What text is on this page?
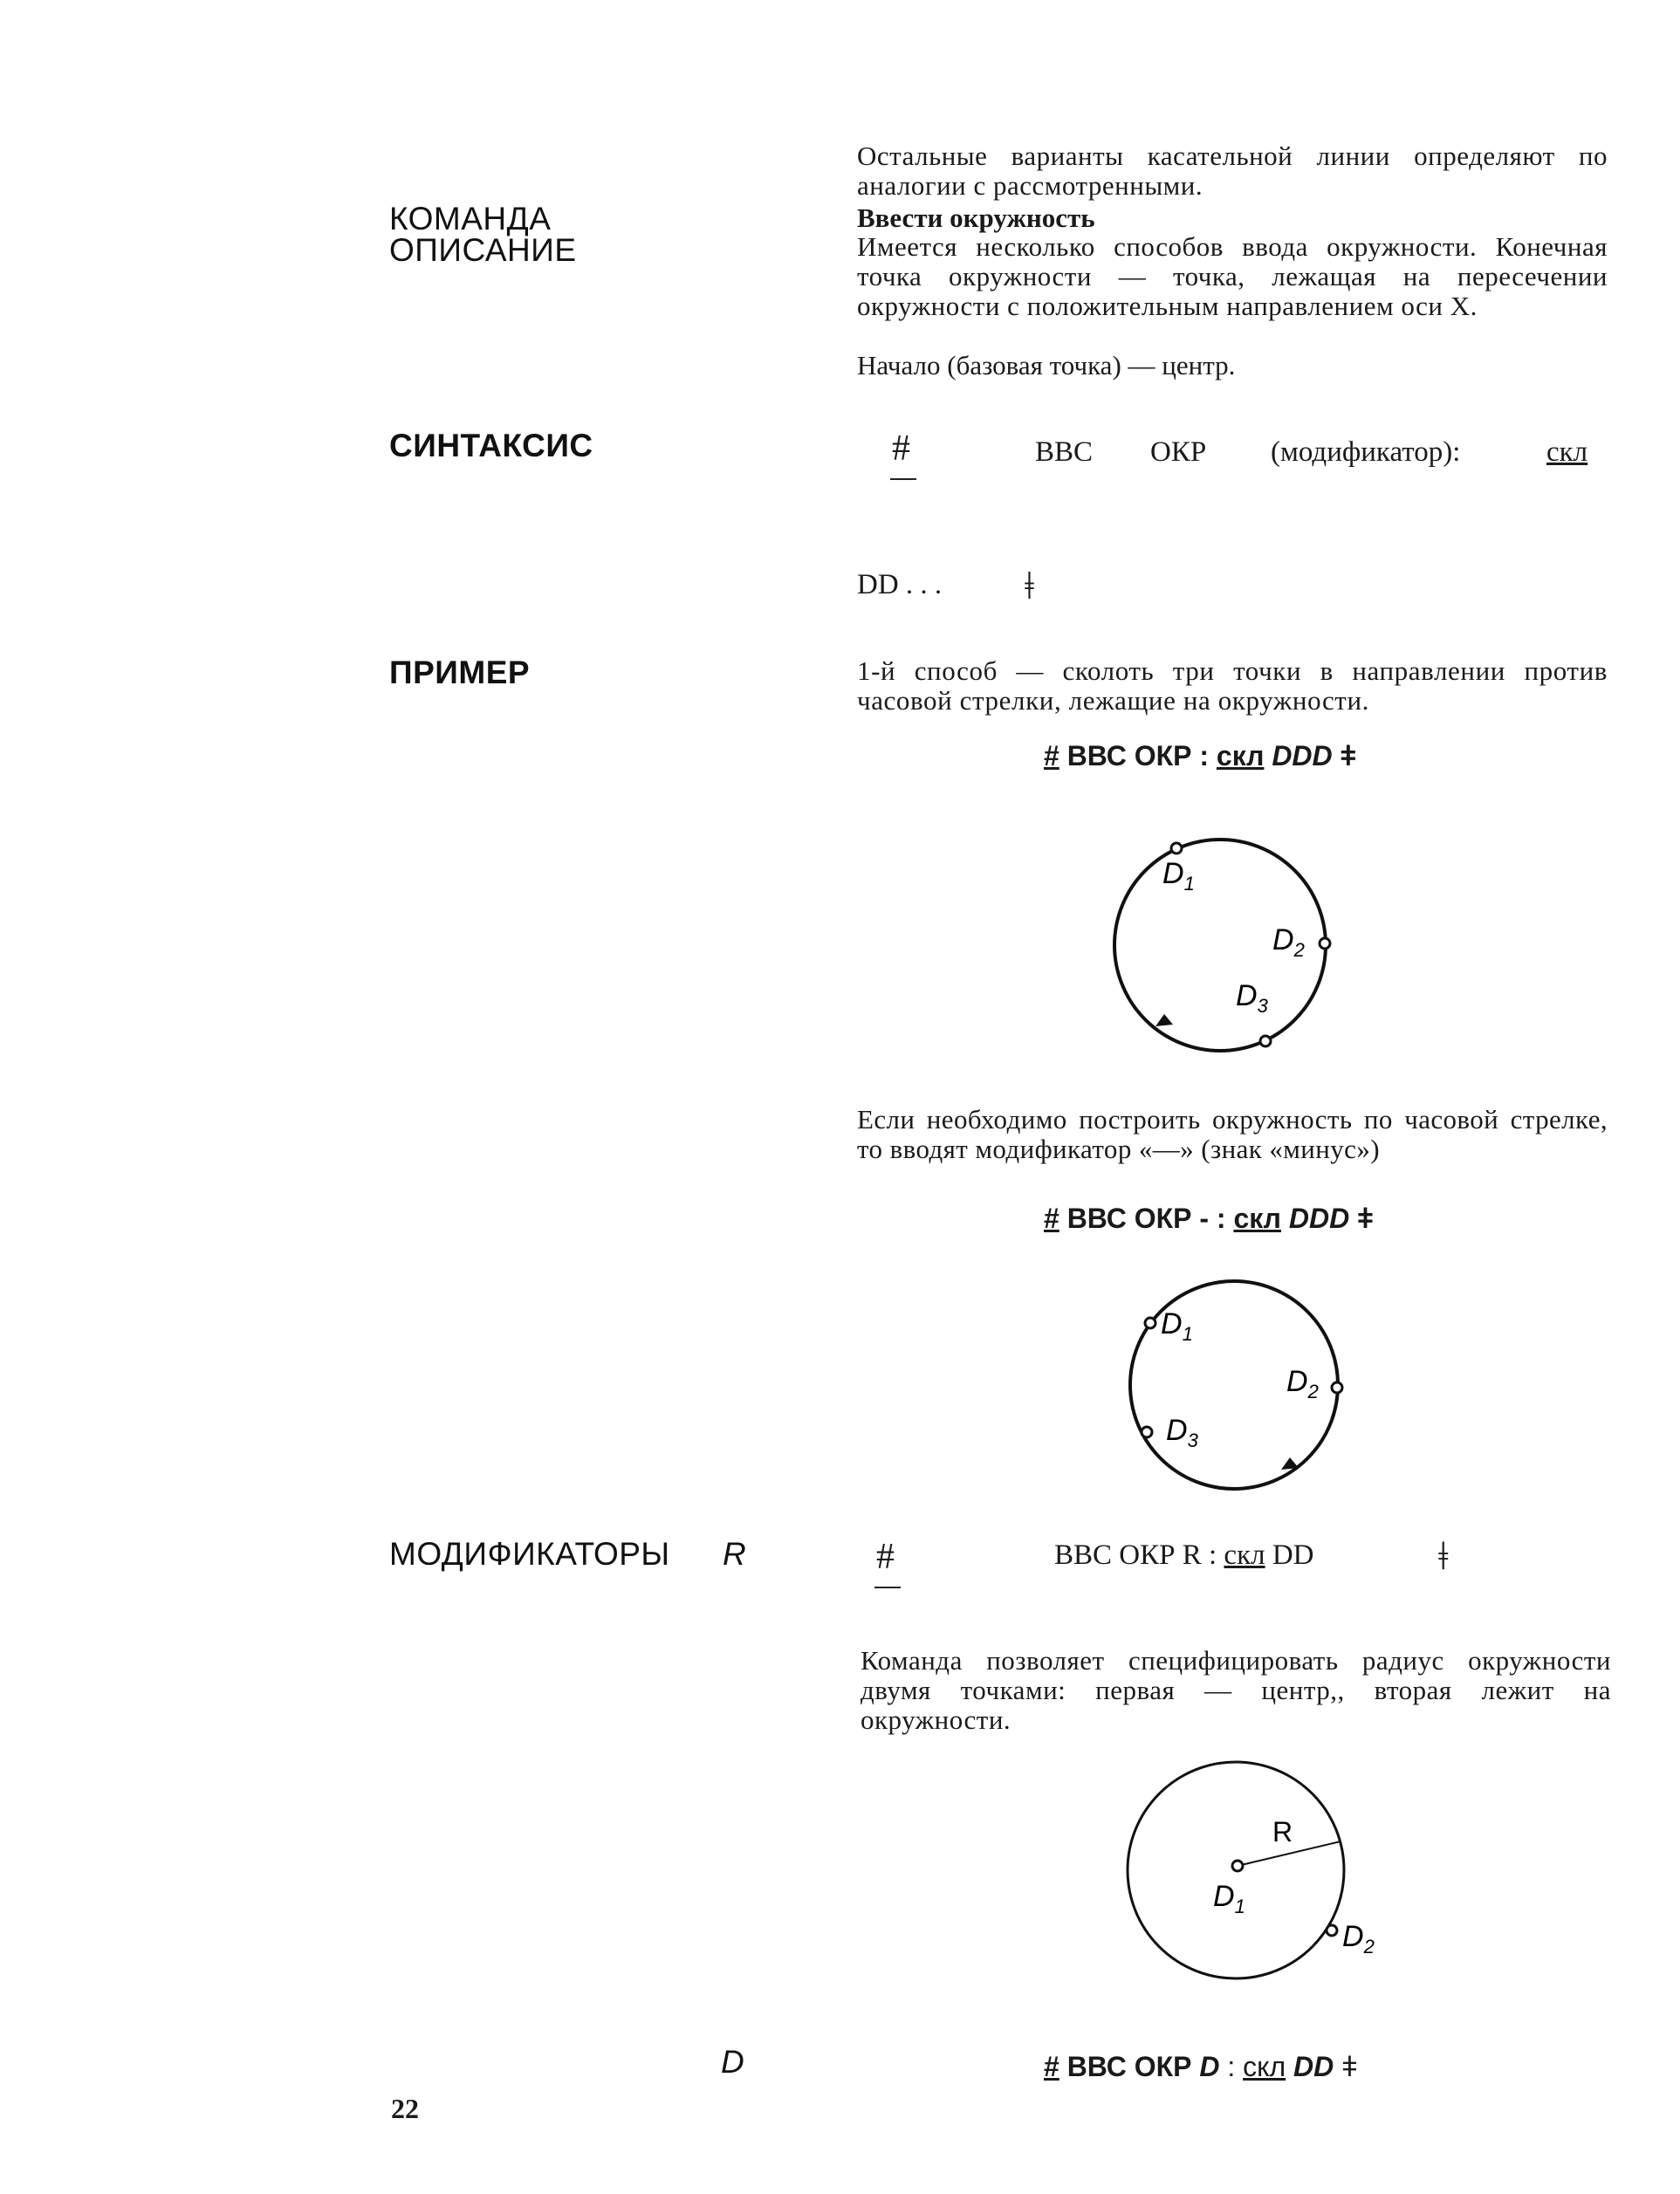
КОМАНДА
ОПИСАНИЕ
СИНТАКСИС
ПРИМЕР
МОДИФИКАТОРЫ R
D
22
Остальные варианты касательной линии определяют по аналогии с рассмотренными.
Ввести окружность
Имеется несколько способов ввода окружности. Конечная точка окружности — точка, лежащая на пересечении окружности с положительным направлением оси X.
Начало (базовая точка) — центр.
#	ВВС ОКР (модификатор):	скл
DD . . . ǂ
1-й способ — сколоть три точки в направлении против часовой стрелки, лежащие на окружности.
# ВВС ОКР : скл DDD ǂ
$D_1$
$D_2$
$D_3$
Если необходимо построить окружность по часовой стрелке, то вводят модификатор «—» (знак «минус»)
# ВВС ОКР - : скл DDD ǂ
$D_1$
$D_2$
$D_3$
#	ВВС ОКР R : скл DD	ǂ
Команда позволяет специфицировать радиус окружности двумя точками: первая — центр,, вторая лежит на окружности.
R
$D_1$
$D_2$
# ВВС ОКР D : скл DD ǂ
